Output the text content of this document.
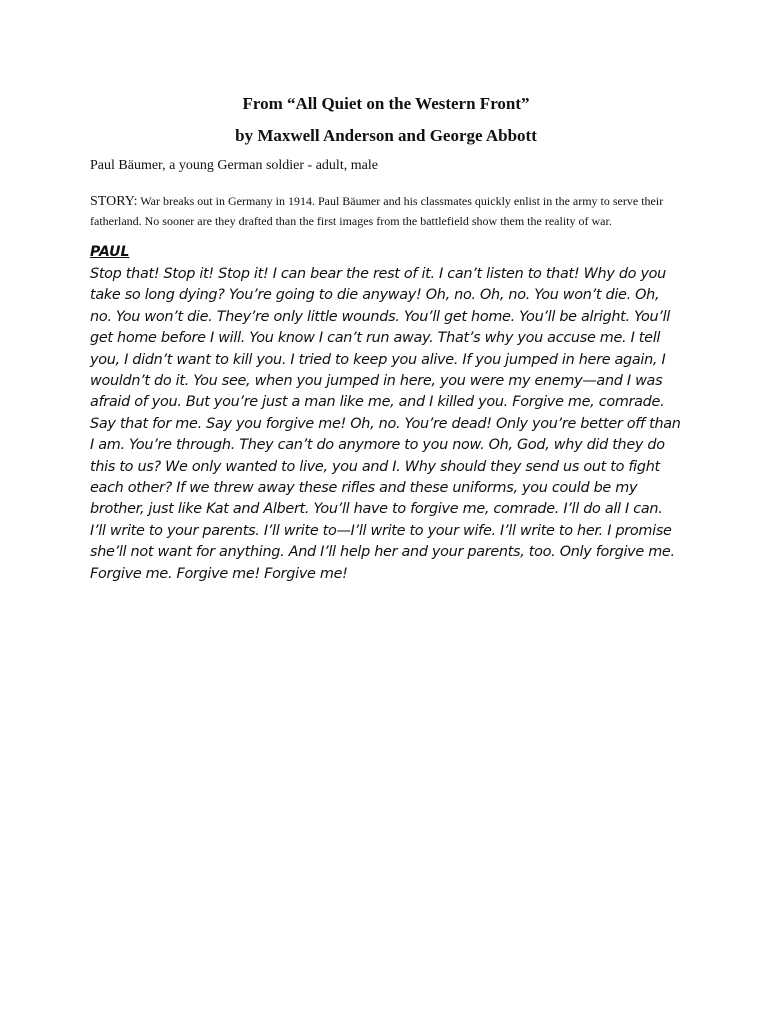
From “All Quiet on the Western Front”
by Maxwell Anderson and George Abbott

Paul Bäumer, a young German soldier - adult, male

STORY: War breaks out in Germany in 1914. Paul Bäumer and his classmates quickly enlist in the army to serve their fatherland. No sooner are they drafted than the first images from the battlefield show them the reality of war.

PAUL

Stop that! Stop it! Stop it! I can bear the rest of it. I can’t listen to that! Why do you take so long dying? You’re going to die anyway! Oh, no. Oh, no. You won’t die. Oh, no. You won’t die. They’re only little wounds. You’ll get home. You’ll be alright. You’ll get home before I will. You know I can’t run away. That’s why you accuse me. I tell you, I didn’t want to kill you. I tried to keep you alive. If you jumped in here again, I wouldn’t do it. You see, when you jumped in here, you were my enemy—and I was afraid of you. But you’re just a man like me, and I killed you. Forgive me, comrade. Say that for me. Say you forgive me! Oh, no. You’re dead! Only you’re better off than I am. You’re through. They can’t do anymore to you now. Oh, God, why did they do this to us? We only wanted to live, you and I. Why should they send us out to fight each other? If we threw away these rifles and these uniforms, you could be my brother, just like Kat and Albert. You’ll have to forgive me, comrade. I’ll do all I can. I’ll write to your parents. I’ll write to—I’ll write to your wife. I’ll write to her. I promise she’ll not want for anything. And I’ll help her and your parents, too. Only forgive me. Forgive me. Forgive me! Forgive me!
